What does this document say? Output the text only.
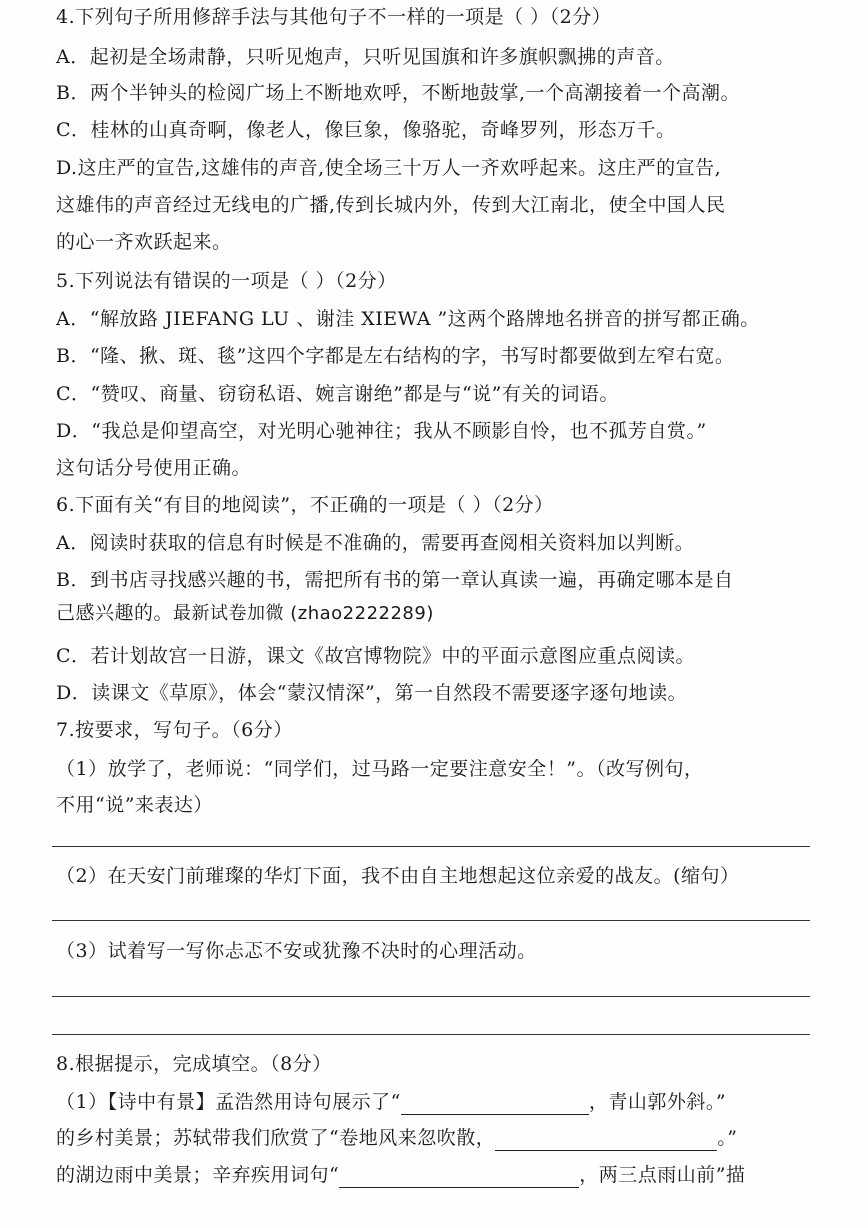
4.下列句子所用修辞手法与其他句子不一样的一项是（ ）（2分）
A．起初是全场肃静，只听见炮声，只听见国旗和许多旗帜飘拂的声音。
B．两个半钟头的检阅广场上不断地欢呼，不断地鼓掌,一个高潮接着一个高潮。
C．桂林的山真奇啊，像老人，像巨象，像骆驼，奇峰罗列，形态万千。
D.这庄严的宣告,这雄伟的声音,使全场三十万人一齐欢呼起来。这庄严的宣告,
这雄伟的声音经过无线电的广播,传到长城内外，传到大江南北，使全中国人民
的心一齐欢跃起来。
5.下列说法有错误的一项是（ ）（2分）
A．“解放路 JIEFANG LU 、谢洼 XIEWA ”这两个路牌地名拼音的拼写都正确。
B．“隆、揪、斑、毯”这四个字都是左右结构的字，书写时都要做到左窄右宽。
C．“赞叹、商量、窃窃私语、婉言谢绝”都是与“说”有关的词语。
D．“我总是仰望高空，对光明心驰神往；我从不顾影自怜，也不孤芳自赏。”
这句话分号使用正确。
6.下面有关“有目的地阅读”，不正确的一项是（ ）（2分）
A．阅读时获取的信息有时候是不准确的，需要再查阅相关资料加以判断。
B．到书店寻找感兴趣的书，需把所有书的第一章认真读一遍，再确定哪本是自
己感兴趣的。最新试卷加微 (zhao2222289)
C．若计划故宫一日游，课文《故宫博物院》中的平面示意图应重点阅读。
D．读课文《草原》，体会“蒙汉情深”，第一自然段不需要逐字逐句地读。
7.按要求，写句子。（6分）
（1）放学了，老师说：“同学们，过马路一定要注意安全！”。（改写例句，
不用“说”来表达）
（2）在天安门前璀璨的华灯下面，我不由自主地想起这位亲爱的战友。(缩句）
（3）试着写一写你忐忑不安或犹豫不决时的心理活动。
8.根据提示，完成填空。（8分）
（1）【诗中有景】孟浩然用诗句展示了“	，青山郭外斜。”
的乡村美景；苏轼带我们欣赏了“卷地风来忽吹散，	。”
的湖边雨中美景；辛弃疾用词句“	，两三点雨山前”描
